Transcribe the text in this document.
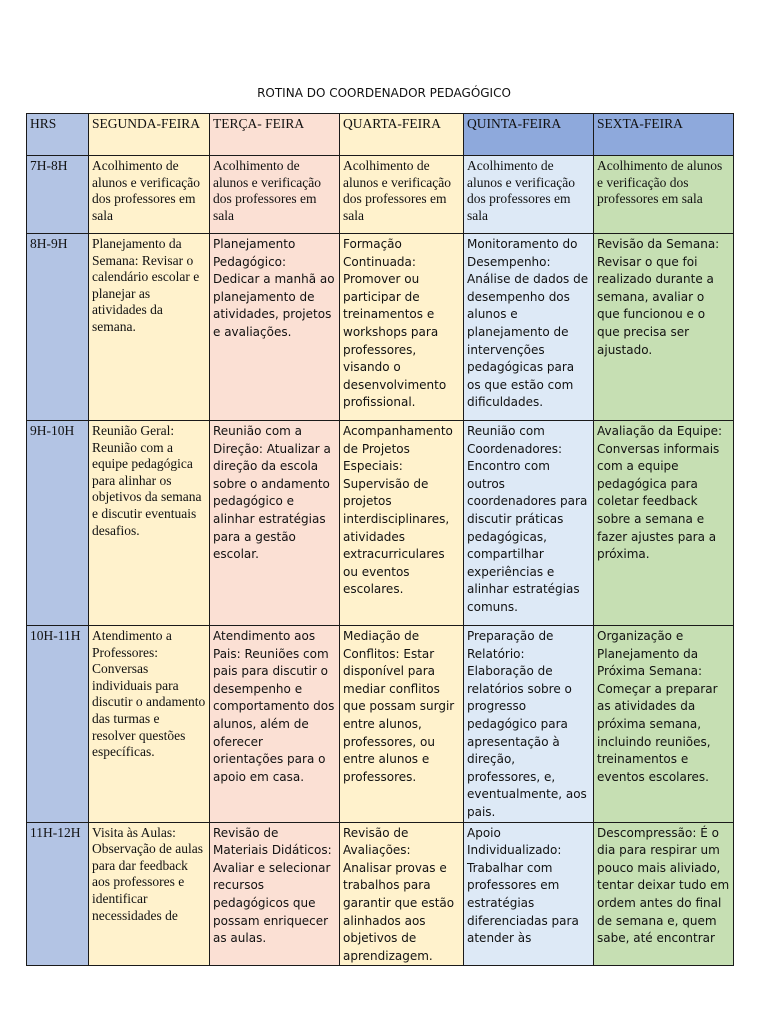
ROTINA DO COORDENADOR PEDAGÓGICO
HRS	SEGUNDA-FEIRA	TERÇA- FEIRA	QUARTA-FEIRA	QUINTA-FEIRA	SEXTA-FEIRA
7H-8H	Acolhimento de alunos e verificação dos professores em sala	Acolhimento de alunos e verificação dos professores em sala	Acolhimento de alunos e verificação dos professores em sala	Acolhimento de alunos e verificação dos professores em sala	Acolhimento de alunos e verificação dos professores em sala
8H-9H	Planejamento da Semana: Revisar o calendário escolar e planejar as atividades da semana.	Planejamento Pedagógico: Dedicar a manhã ao planejamento de atividades, projetos e avaliações.	Formação Continuada: Promover ou participar de treinamentos e workshops para professores, visando o desenvolvimento profissional.	Monitoramento do Desempenho: Análise de dados de desempenho dos alunos e planejamento de intervenções pedagógicas para os que estão com dificuldades.	Revisão da Semana: Revisar o que foi realizado durante a semana, avaliar o que funcionou e o que precisa ser ajustado.
9H-10H	Reunião Geral: Reunião com a equipe pedagógica para alinhar os objetivos da semana e discutir eventuais desafios.	Reunião com a Direção: Atualizar a direção da escola sobre o andamento pedagógico e alinhar estratégias para a gestão escolar.	Acompanhamento de Projetos Especiais: Supervisão de projetos interdisciplinares, atividades extracurriculares ou eventos escolares.	Reunião com Coordenadores: Encontro com outros coordenadores para discutir práticas pedagógicas, compartilhar experiências e alinhar estratégias comuns.	Avaliação da Equipe: Conversas informais com a equipe pedagógica para coletar feedback sobre a semana e fazer ajustes para a próxima.
10H-11H	Atendimento a Professores: Conversas individuais para discutir o andamento das turmas e resolver questões específicas.	Atendimento aos Pais: Reuniões com pais para discutir o desempenho e comportamento dos alunos, além de oferecer orientações para o apoio em casa.	Mediação de Conflitos: Estar disponível para mediar conflitos que possam surgir entre alunos, professores, ou entre alunos e professores.	Preparação de Relatório: Elaboração de relatórios sobre o progresso pedagógico para apresentação à direção, professores, e, eventualmente, aos pais.	Organização e Planejamento da Próxima Semana: Começar a preparar as atividades da próxima semana, incluindo reuniões, treinamentos e eventos escolares.
11H-12H	Visita às Aulas: Observação de aulas para dar feedback aos professores e identificar necessidades de	Revisão de Materiais Didáticos: Avaliar e selecionar recursos pedagógicos que possam enriquecer as aulas.	Revisão de Avaliações: Analisar provas e trabalhos para garantir que estão alinhados aos objetivos de aprendizagem.	Apoio Individualizado: Trabalhar com professores em estratégias diferenciadas para atender às	Descompressão: É o dia para respirar um pouco mais aliviado, tentar deixar tudo em ordem antes do final de semana e, quem sabe, até encontrar
